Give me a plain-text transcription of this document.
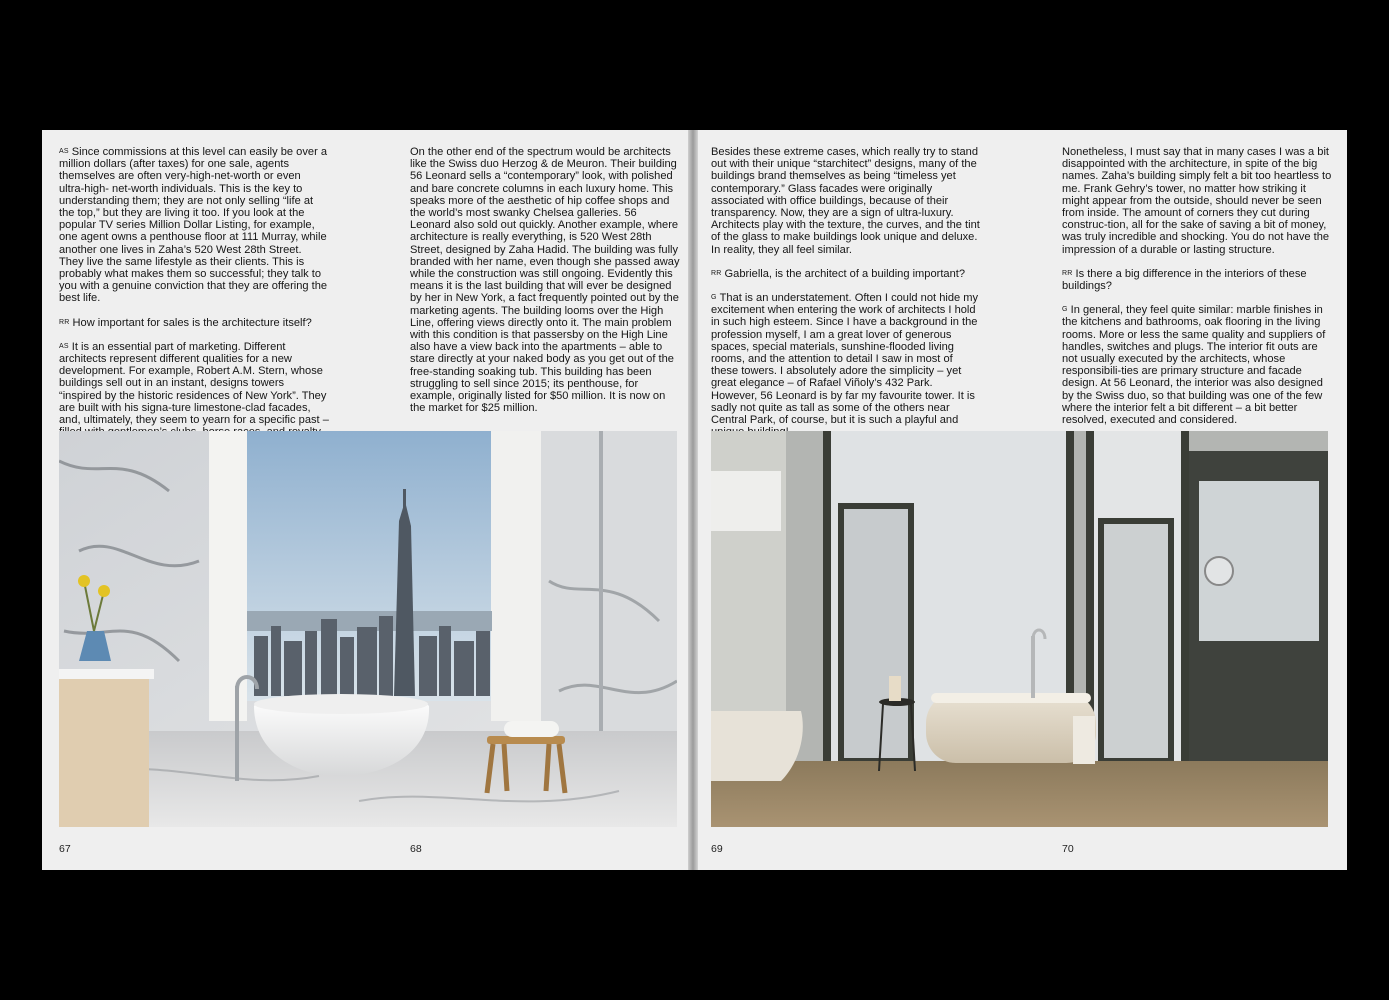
AS Since commissions at this level can easily be over a million dollars (after taxes) for one sale, agents themselves are often very-high-net-worth or even ultra-high- net-worth individuals. This is the key to understanding them; they are not only selling “life at the top,” but they are living it too. If you look at the popular TV series Million Dollar Listing, for example, one agent owns a penthouse floor at 111 Murray, while another one lives in Zaha’s 520 West 28th Street. They live the same lifestyle as their clients. This is probably what makes them so successful; they talk to you with a genuine conviction that they are offering the best life.

RR How important for sales is the architecture itself?

AS It is an essential part of marketing. Different architects represent different qualities for a new development. For example, Robert A.M. Stern, whose buildings sell out in an instant, designs towers “inspired by the historic residences of New York”. They are built with his signa-ture limestone-clad facades, and, ultimately, they seem to yearn for a specific past –

On the other end of the spectrum would be architects like the Swiss duo Herzog & de Meuron. Their building 56 Leonard sells a “contemporary” look, with polished and bare concrete columns in each luxury home. This speaks more of the aesthetic of hip coffee shops and the world’s most swanky Chelsea galleries. 56 Leonard also sold out quickly. Another example, where architecture is really everything, is 520 West 28th Street, designed by Zaha Hadid. The building was fully branded with her name, even though she passed away while the construction was still ongoing. Evidently this means it is the last building that will ever be designed by her in New York, a fact frequently pointed out by the marketing agents. The building looms over the High Line, offering views directly onto it. The main problem with this condition is that passersby on the High Line also have a view back into the apartments – able to stare directly at your naked body as you get out of the free-standing soaking tub. This building has been struggling to sell since 2015; its penthouse, for example, originally listed for $50 million. It is now on the market for $25 million.

Besides these extreme cases, which really try to stand out with their unique “starchitect” designs, many of the buildings brand themselves as being “timeless yet contemporary.” Glass facades were originally associated with office buildings, because of their transparency. Now, they are a sign of ultra-luxury. Architects play with the texture, the curves, and the tint of the glass to make buildings look unique and deluxe. In reality, they all feel similar.

RR Gabriella, is the architect of a building important?

G That is an understatement. Often I could not hide my excitement when entering the work of architects I hold in such high esteem. Since I have a background in the profession myself, I am a great lover of generous spaces, special materials, sunshine-flooded living rooms, and the attention to detail I saw in most of these towers. I absolutely adore the simplicity – yet great elegance – of Rafael Viñoly’s 432 Park. However, 56 Leonard is by far my favourite tower. It is sadly not quite as tall as some of the others near Central Park, of course, but it is such a playful and

Nonetheless, I must say that in many cases I was a bit disappointed with the architecture, in spite of the big names. Zaha’s building simply felt a bit too heartless to me. Frank Gehry’s tower, no matter how striking it might appear from the outside, should never be seen from inside. The amount of corners they cut during construc-tion, all for the sake of saving a bit of money, was truly incredible and shocking. You do not have the impression of a durable or lasting structure.

RR Is there a big difference in the interiors of these buildings?

G In general, they feel quite similar: marble finishes in the kitchens and bathrooms, oak flooring in the living rooms. More or less the same quality and suppliers of handles, switches and plugs. The interior fit outs are not usually executed by the architects, whose responsibili-ties are primary structure and facade design. At 56 Leonard, the interior was also designed by the Swiss duo, so that building was one of the few where the interior felt a bit different – a bit better resolved, executed and considered.

67	68	69	70
